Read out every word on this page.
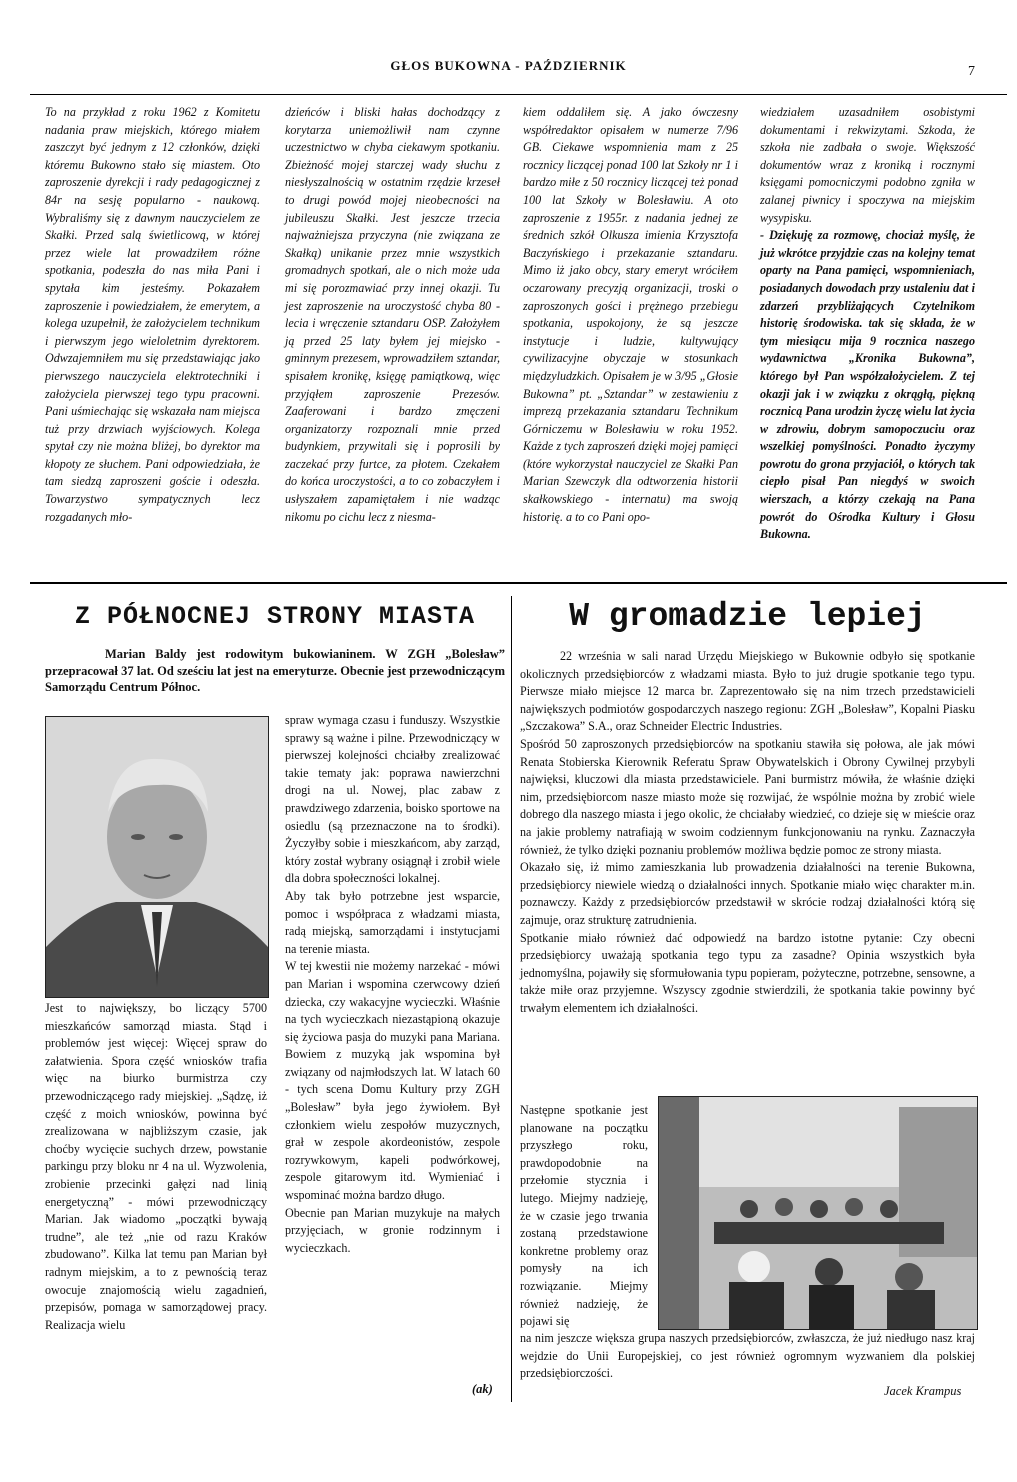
GŁOS BUKOWNA - PAŹDZIERNIK	7

To na przykład z roku 1962 z Komitetu nadania praw miejskich, którego miałem zaszczyt być jednym z 12 członków, dzięki któremu Bukowno stało się miastem. Oto zaproszenie dyrekcji i rady pedagogicznej z 84r na sesję popularno - naukową. Wybraliśmy się z dawnym nauczycielem ze Skałki. Przed salą świetlicową, w której przez wiele lat prowadziłem różne spotkania, podeszła do nas miła Pani i spytała kim jesteśmy. Pokazałem zaproszenie i powiedziałem, że emerytem, a kolega uzupełnił, że założycielem technikum i pierwszym jego wieloletnim dyrektorem. Odwzajemniłem mu się przedstawiając jako pierwszego nauczyciela elektrotechniki i założyciela pierwszej tego typu pracowni. Pani uśmiechając się wskazała nam miejsca tuż przy drzwiach wyjściowych. Kolega spytał czy nie można bliżej, bo dyrektor ma kłopoty ze słuchem. Pani odpowiedziała, że tam siedzą zaproszeni goście i odeszła. Towarzystwo sympatycznych lecz rozgadanych mło-

dzieńców i bliski hałas dochodzący z korytarza uniemożliwił nam czynne uczestnictwo w chyba ciekawym spotkaniu. Zbieżność mojej starczej wady słuchu z niesłyszalnością w ostatnim rzędzie krzeseł to drugi powód mojej nieobecności na jubileuszu Skałki. Jest jeszcze trzecia najważniejsza przyczyna (nie związana ze Skałką) unikanie przez mnie wszystkich gromadnych spotkań, ale o nich może uda mi się porozmawiać przy innej okazji. Tu jest zaproszenie na uroczystość chyba 80 - lecia i wręczenie sztandaru OSP. Założyłem ją przed 25 laty byłem jej miejsko - gminnym prezesem, wprowadziłem sztandar, spisałem kronikę, księgę pamiątkową, więc przyjąłem zaproszenie Prezesów. Zaaferowani i bardzo zmęczeni organizatorzy rozpoznali mnie przed budynkiem, przywitali się i poprosili by zaczekać przy furtce, za płotem. Czekałem do końca uroczystości, a to co zobaczyłem i usłyszałem zapamiętałem i nie wadząc nikomu po cichu lecz z niesma-

kiem oddaliłem się. A jako ówczesny współredaktor opisałem w numerze 7/96 GB. Ciekawe wspomnienia mam z 25 rocznicy liczącej ponad 100 lat Szkoły nr 1 i bardzo miłe z 50 rocznicy liczącej też ponad 100 lat Szkoły w Bolesławiu. A oto zaproszenie z 1955r. z nadania jednej ze średnich szkół Olkusza imienia Krzysztofa Baczyńskiego i przekazanie sztandaru. Mimo iż jako obcy, stary emeryt wróciłem oczarowany precyzją organizacji, troski o zaproszonych gości i prężnego przebiegu spotkania, uspokojony, że są jeszcze instytucje i ludzie, kultywujący cywilizacyjne obyczaje w stosunkach międzyludzkich. Opisałem je w 3/95 „Głosie Bukowna” pt. „Sztandar” w zestawieniu z imprezą przekazania sztandaru Technikum Górniczemu w Bolesławiu w roku 1952. Każde z tych zaproszeń dzięki mojej pamięci (które wykorzystał nauczyciel ze Skałki Pan Marian Szewczyk dla odtworzenia historii skałkowskiego - internatu) ma swoją historię. a to co Pani opo-

wiedziałem uzasadniłem osobistymi dokumentami i rekwizytami. Szkoda, że szkoła nie zadbała o swoje. Większość dokumentów wraz z kroniką i rocznymi księgami pomocniczymi podobno zgniła w zalanej piwnicy i spoczywa na miejskim wysypisku.

- Dziękuję za rozmowę, chociaż myślę, że już wkrótce przyjdzie czas na kolejny temat oparty na Pana pamięci, wspomnieniach, posiadanych dowodach przy ustaleniu dat i zdarzeń przybliżających Czytelnikom historię środowiska. tak się składa, że w tym miesiącu mija 9 rocznica naszego wydawnictwa „Kronika Bukowna”, którego był Pan współzałożycielem. Z tej okazji jak i w związku z okrągłą, piękną rocznicą Pana urodzin życzę wielu lat życia w zdrowiu, dobrym samopoczuciu oraz wszelkiej pomyślności. Ponadto życzymy powrotu do grona przyjaciół, o których tak ciepło pisał Pan niegdyś w swoich wierszach, a którzy czekają na Pana powrót do Ośrodka Kultury i Głosu Bukowna.

Z PÓŁNOCNEJ STRONY MIASTA
Marian Baldy jest rodowitym bukowianinem. W ZGH „Bolesław” przepracował 37 lat. Od sześciu lat jest na emeryturze. Obecnie jest przewodniczącym Samorządu Centrum Północ.

Jest to największy, bo liczący 5700 mieszkańców samorząd miasta. Stąd i problemów jest więcej: Więcej spraw do załatwienia. Spora część wniosków trafia więc na biurko burmistrza czy przewodniczącego rady miejskiej. „Sądzę, iż część z moich wniosków, powinna być zrealizowana w najbliższym czasie, jak choćby wycięcie suchych drzew, powstanie parkingu przy bloku nr 4 na ul. Wyzwolenia, zrobienie przecinki gałęzi nad linią energetyczną” - mówi przewodniczący Marian. Jak wiadomo „początki bywają trudne”, ale też „nie od razu Kraków zbudowano”. Kilka lat temu pan Marian był radnym miejskim, a to z pewnością teraz owocuje znajomością wielu zagadnień, przepisów, pomaga w samorządowej pracy. Realizacja wielu

spraw wymaga czasu i funduszy. Wszystkie sprawy są ważne i pilne. Przewodniczący w pierwszej kolejności chciałby zrealizować takie tematy jak: poprawa nawierzchni drogi na ul. Nowej, plac zabaw z prawdziwego zdarzenia, boisko sportowe na osiedlu (są przeznaczone na to środki). Życzyłby sobie i mieszkańcom, aby zarząd, który został wybrany osiągnął i zrobił wiele dla dobra społeczności lokalnej.

Aby tak było potrzebne jest wsparcie, pomoc i współpraca z władzami miasta, radą miejską, samorządami i instytucjami na terenie miasta.

W tej kwestii nie możemy narzekać - mówi pan Marian i wspomina czerwcowy dzień dziecka, czy wakacyjne wycieczki. Właśnie na tych wycieczkach niezastąpioną okazuje się życiowa pasja do muzyki pana Mariana. Bowiem z muzyką jak wspomina był związany od najmłodszych lat. W latach 60 - tych scena Domu Kultury przy ZGH „Bolesław” była jego żywiołem. Był członkiem wielu zespołów muzycznych, grał w zespole akordeonistów, zespole rozrywkowym, kapeli podwórkowej, zespole gitarowym itd. Wymieniać i wspominać można bardzo długo.

Obecnie pan Marian muzykuje na małych przyjęciach, w gronie rodzinnym i wycieczkach.

(ak)
W gromadzie lepiej

22 września w sali narad Urzędu Miejskiego w Bukownie odbyło się spotkanie okolicznych przedsiębiorców z władzami miasta. Było to już drugie spotkanie tego typu. Pierwsze miało miejsce 12 marca br. Zaprezentowało się na nim trzech przedstawicieli największych podmiotów gospodarczych naszego regionu: ZGH „Bolesław”, Kopalni Piasku „Szczakowa” S.A., oraz Schneider Electric Industries.

Spośród 50 zaproszonych przedsiębiorców na spotkaniu stawiła się połowa, ale jak mówi Renata Stobierska Kierownik Referatu Spraw Obywatelskich i Obrony Cywilnej przybyli najwięksi, kluczowi dla miasta przedstawiciele. Pani burmistrz mówiła, że właśnie dzięki nim, przedsiębiorcom nasze miasto może się rozwijać, że wspólnie można by zrobić wiele dobrego dla naszego miasta i jego okolic, że chciałaby wiedzieć, co dzieje się w mieście oraz na jakie problemy natrafiają w swoim codziennym funkcjonowaniu na rynku. Zaznaczyła również, że tylko dzięki poznaniu problemów możliwa będzie pomoc ze strony miasta.

Okazało się, iż mimo zamieszkania lub prowadzenia działalności na terenie Bukowna, przedsiębiorcy niewiele wiedzą o działalności innych. Spotkanie miało więc charakter m.in. poznawczy. Każdy z przedsiębiorców przedstawił w skrócie rodzaj działalności którą się zajmuje, oraz strukturę zatrudnienia.

Spotkanie miało również dać odpowiedź na bardzo istotne pytanie: Czy obecni przedsiębiorcy uważają spotkania tego typu za zasadne? Opinia wszystkich była jednomyślna, pojawiły się sformułowania typu popieram, pożyteczne, potrzebne, sensowne, a także miłe oraz przyjemne. Wszyscy zgodnie stwierdzili, że spotkania takie powinny być trwałym elementem ich działalności.

Następne spotkanie jest planowane na początku przyszłego roku, prawdopodobnie na przełomie stycznia i lutego. Miejmy nadzieję, że w czasie jego trwania zostaną przedstawione konkretne problemy oraz pomysły na ich rozwiązanie. Miejmy również nadzieję, że pojawi się

na nim jeszcze większa grupa naszych przedsiębiorców, zwłaszcza, że już niedługo nasz kraj wejdzie do Unii Europejskiej, co jest również ogromnym wyzwaniem dla polskiej przedsiębiorczości.

Jacek Krampus
